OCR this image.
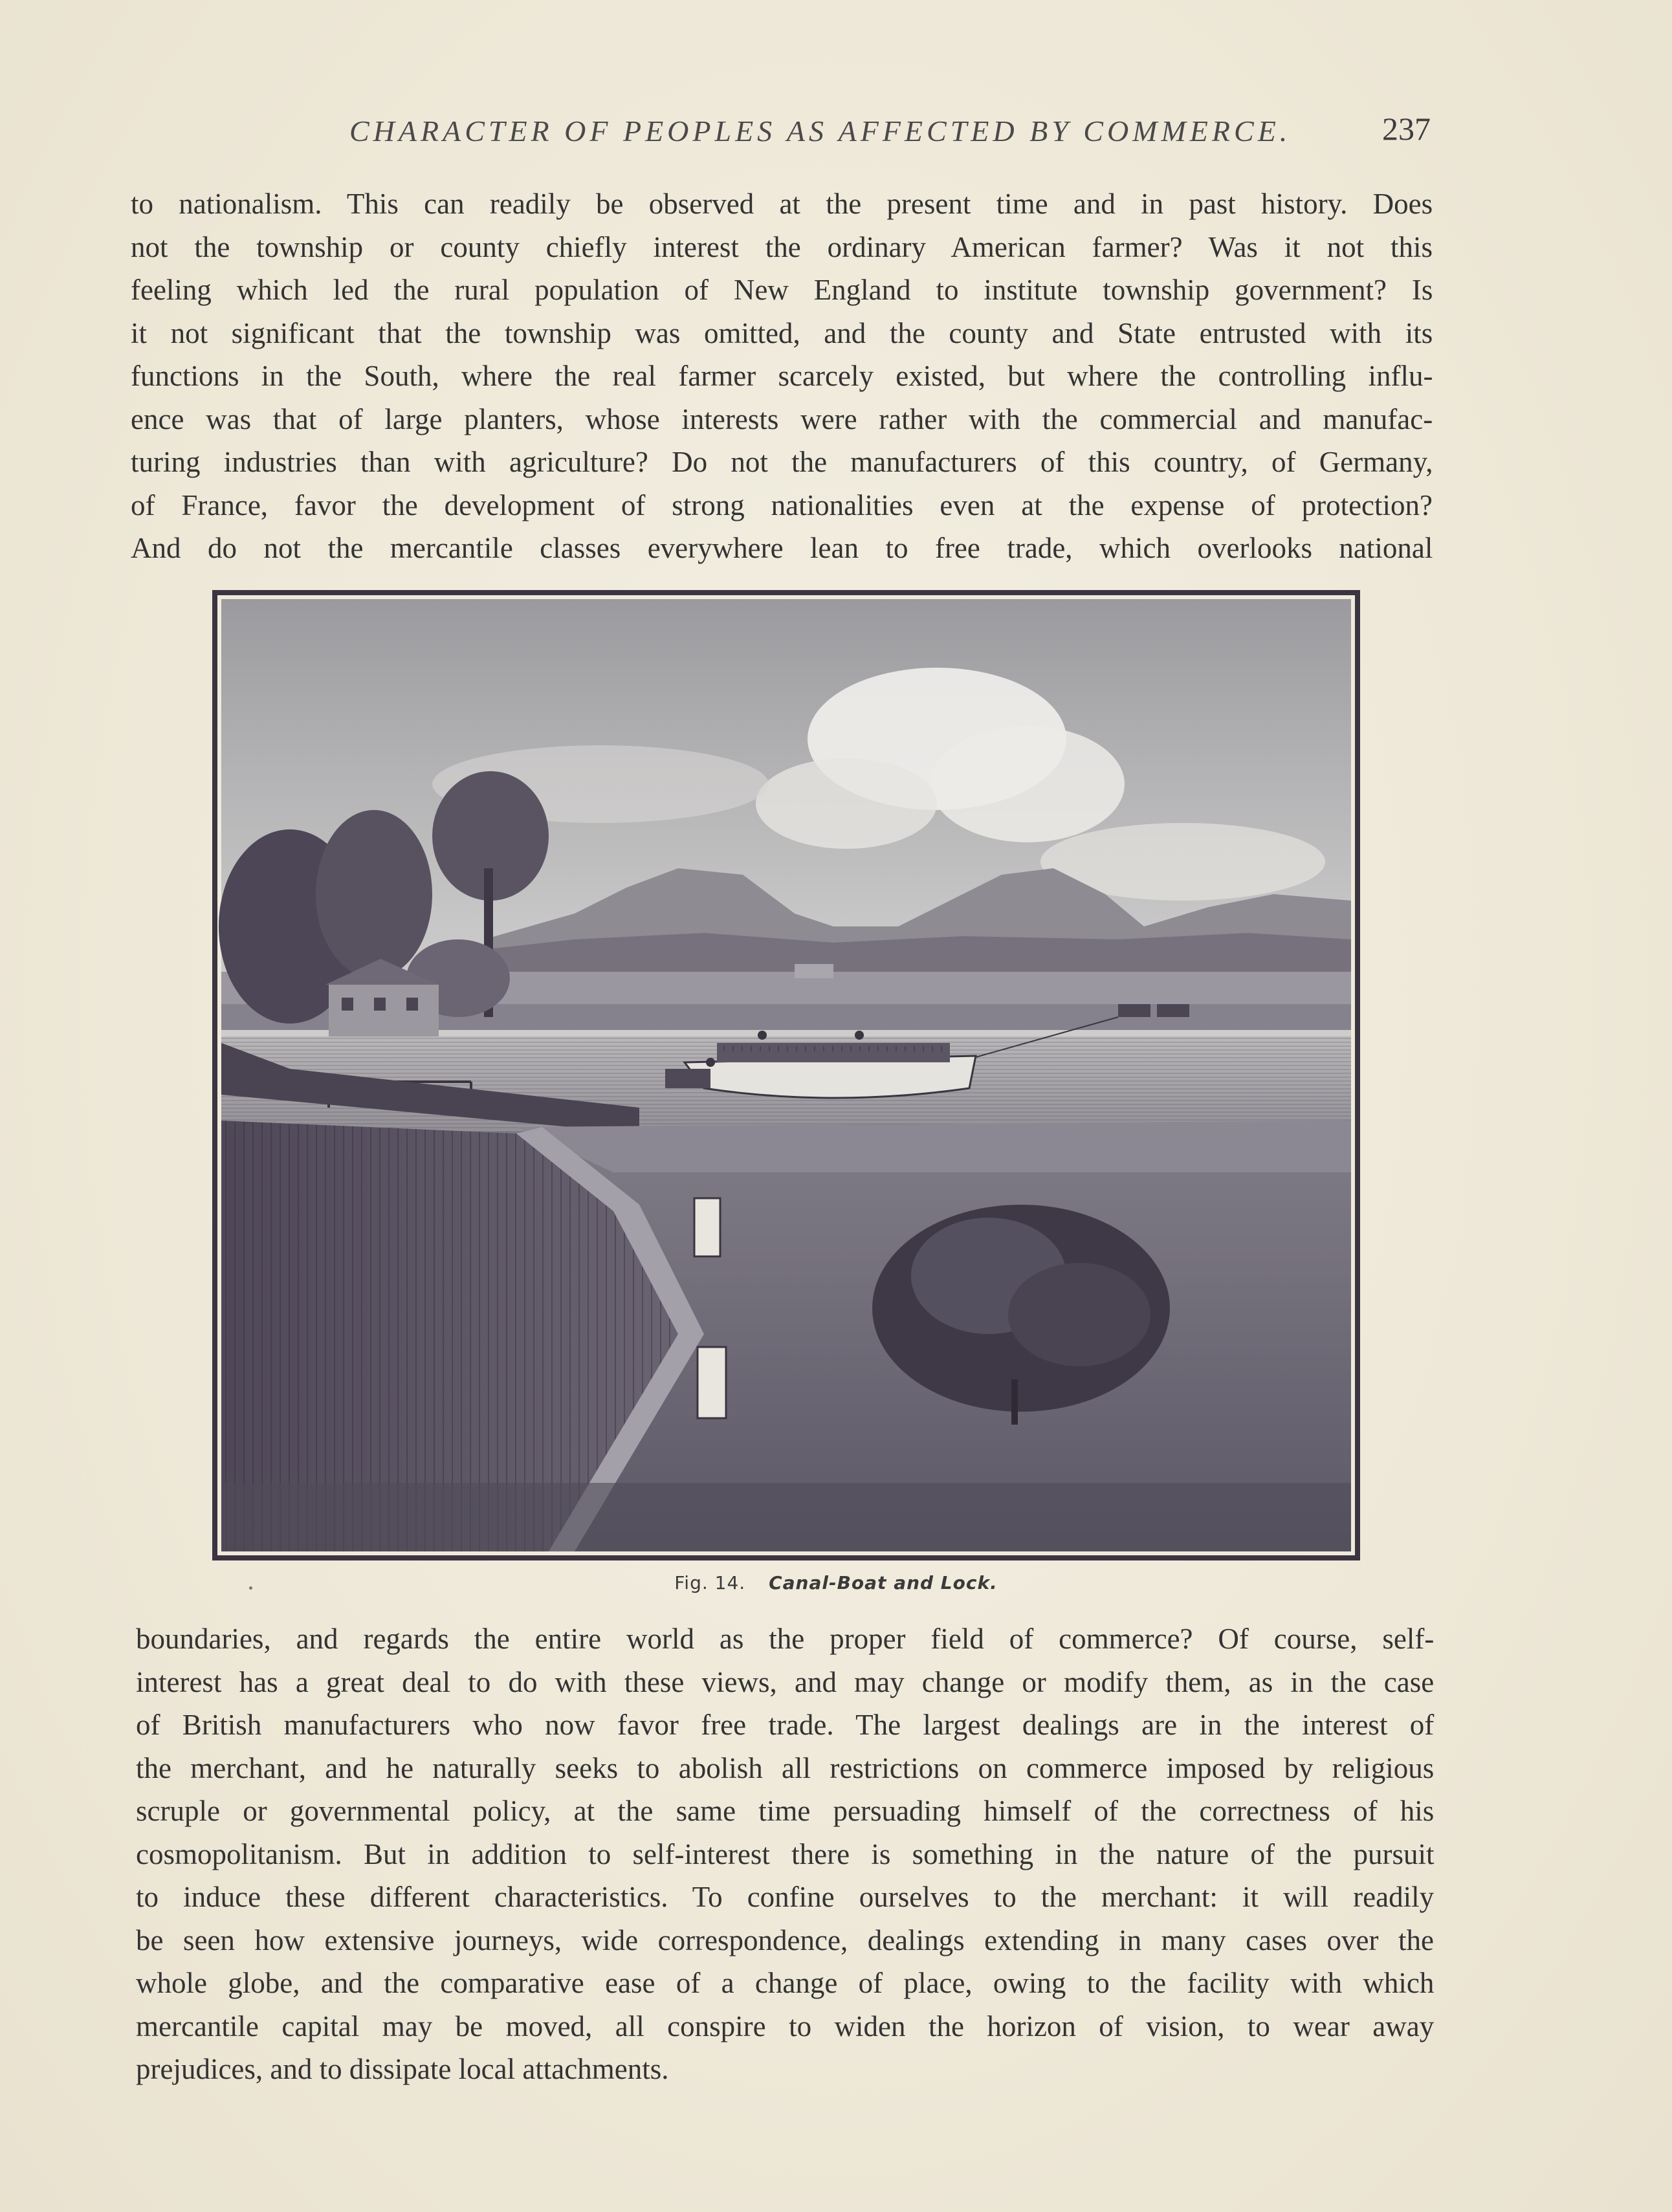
CHARACTER OF PEOPLES AS AFFECTED BY COMMERCE.	237
to nationalism. This can readily be observed at the present time and in past history. Does
not the township or county chiefly interest the ordinary American farmer? Was it not this
feeling which led the rural population of New England to institute township government? Is
it not significant that the township was omitted, and the county and State entrusted with its
functions in the South, where the real farmer scarcely existed, but where the controlling influ-
ence was that of large planters, whose interests were rather with the commercial and manufac-
turing industries than with agriculture? Do not the manufacturers of this country, of Germany,
of France, favor the development of strong nationalities even at the expense of protection?
And do not the mercantile classes everywhere lean to free trade, which overlooks national
Fig. 14. Canal-Boat and Lock.
boundaries, and regards the entire world as the proper field of commerce? Of course, self-
interest has a great deal to do with these views, and may change or modify them, as in the case
of British manufacturers who now favor free trade. The largest dealings are in the interest of
the merchant, and he naturally seeks to abolish all restrictions on commerce imposed by religious
scruple or governmental policy, at the same time persuading himself of the correctness of his
cosmopolitanism. But in addition to self-interest there is something in the nature of the pursuit
to induce these different characteristics. To confine ourselves to the merchant: it will readily
be seen how extensive journeys, wide correspondence, dealings extending in many cases over the
whole globe, and the comparative ease of a change of place, owing to the facility with which
mercantile capital may be moved, all conspire to widen the horizon of vision, to wear away
prejudices, and to dissipate local attachments.
